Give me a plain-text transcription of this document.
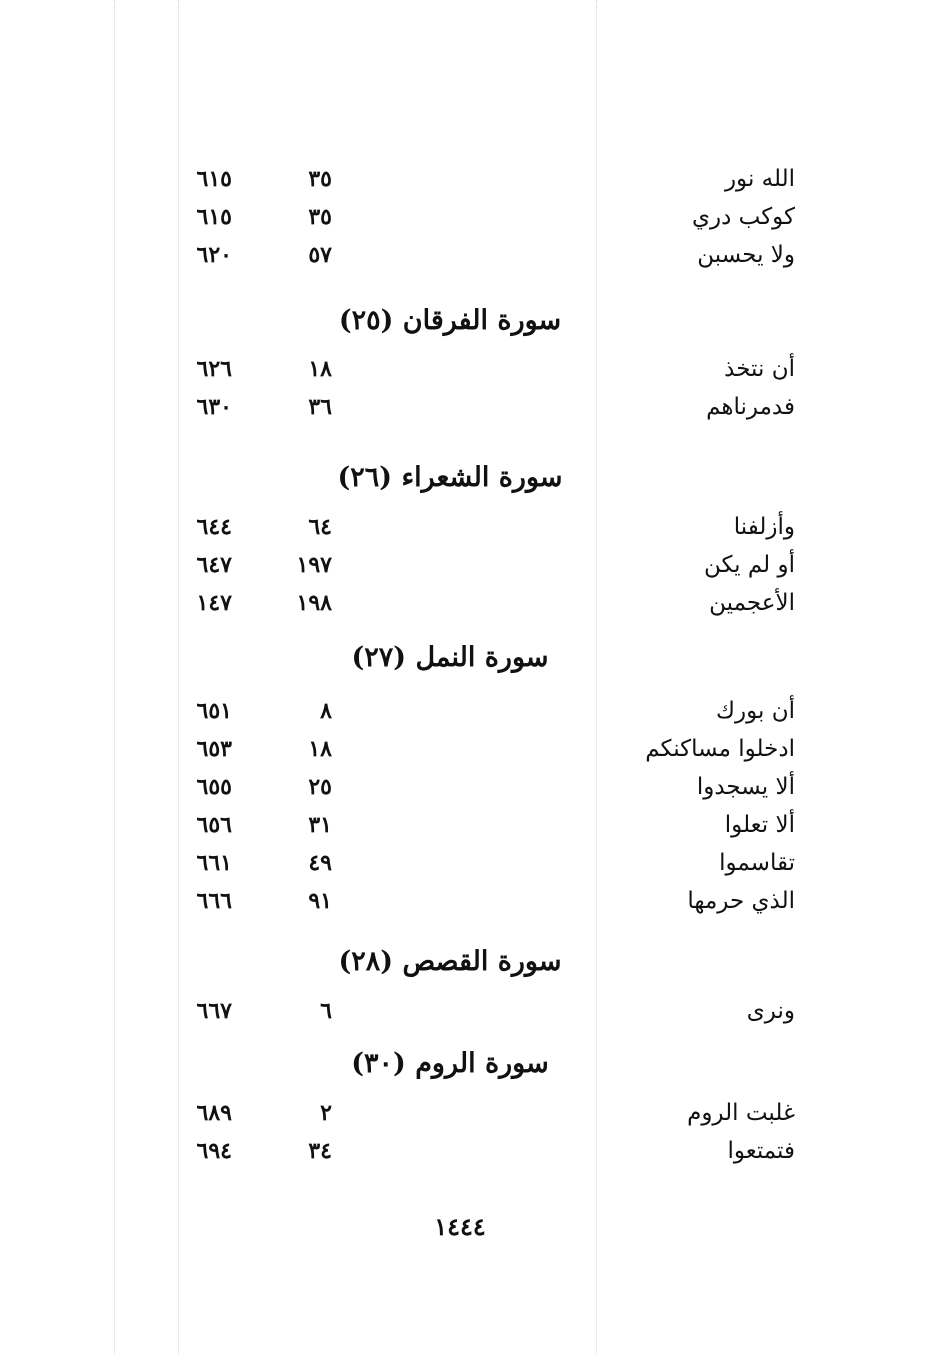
الله نور
٣٥
٦١٥
كوكب دري
٣٥
٦١٥
ولا يحسبن
٥٧
٦٢٠
سورة الفرقان (٢٥)
أن نتخذ
١٨
٦٢٦
فدمرناهم
٣٦
٦٣٠
سورة الشعراء (٢٦)
وأزلفنا
٦٤
٦٤٤
أو لم يكن
١٩٧
٦٤٧
الأعجمين
١٩٨
١٤٧
سورة النمل (٢٧)
أن بورك
٨
٦٥١
ادخلوا مساكنكم
١٨
٦٥٣
ألا يسجدوا
٢٥
٦٥٥
ألا تعلوا
٣١
٦٥٦
تقاسموا
٤٩
٦٦١
الذي حرمها
٩١
٦٦٦
سورة القصص (٢٨)
ونرى
٦
٦٦٧
سورة الروم (٣٠)
غلبت الروم
٢
٦٨٩
فتمتعوا
٣٤
٦٩٤
١٤٤٤
